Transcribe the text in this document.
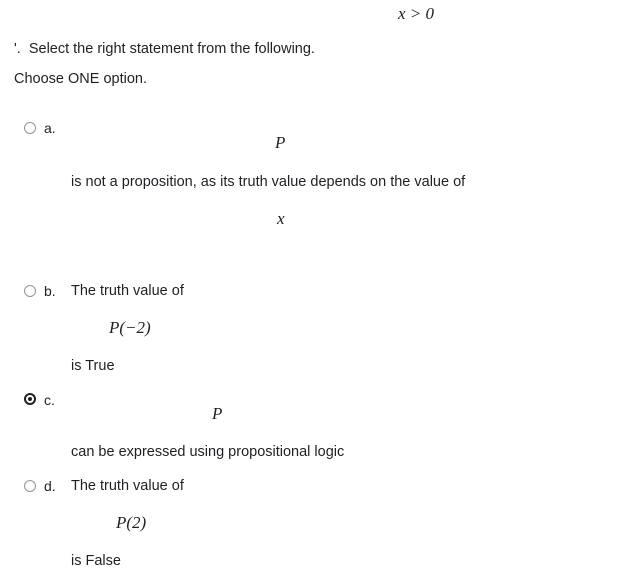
x > 0
'. Select the right statement from the following.
Choose ONE option.
a.
P
is not a proposition, as its truth value depends on the value of
x
b. The truth value of
P(−2)
is True
c.
P
can be expressed using propositional logic
d. The truth value of
P(2)
is False
